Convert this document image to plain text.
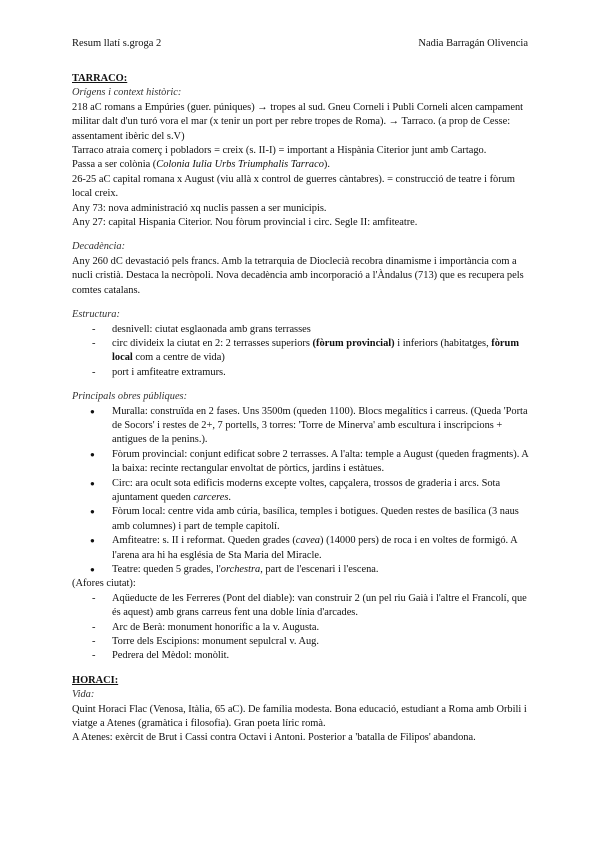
Resum llatí s.groga 2	Nadia Barragán Olivencia

TARRACO:

Orígens i context històric:

218 aC romans a Empúries (guer. púniques) → tropes al sud. Gneu Corneli i Publi Corneli alcen campament militar dalt d'un turó vora el mar (x tenir un port per rebre tropes de Roma). → Tarraco. (a prop de Cesse: assentament ibèric del s.V)

Tarraco atraia comerç i pobladors = creix (s. II-I) = important a Hispània Citerior junt amb Cartago.

Passa a ser colònia (Colonia Iulia Urbs Triumphalis Tarraco).

26-25 aC capital romana x August (viu allà x control de guerres càntabres). = construcció de teatre i fòrum local creix.

Any 73: nova administració xq nuclis passen a ser municipis.

Any 27: capital Hispania Citerior. Nou fòrum provincial i circ. Segle II: amfiteatre.

Decadència:

Any 260 dC devastació pels francs. Amb la tetrarquia de Dioclecià recobra dinamisme i importància com a nucli cristià. Destaca la necròpoli. Nova decadència amb incorporació a l'Àndalus (713) que es recupera pels comtes catalans.

Estructura:

- desnivell: ciutat esglaonada amb grans terrasses
- circ divideix la ciutat en 2: 2 terrasses superiors (fòrum provincial) i inferiors (habitatges, fòrum local com a centre de vida)
- port i amfiteatre extramurs.

Principals obres públiques:

● Muralla: construïda en 2 fases. Uns 3500m (queden 1100). Blocs megalítics i carreus. (Queda 'Porta de Socors' i restes de 2+, 7 portells, 3 torres: 'Torre de Minerva' amb escultura i inscripcions + antigues de la penins.).
● Fòrum provincial: conjunt edificat sobre 2 terrasses. A l'alta: temple a August (queden fragments). A la baixa: recinte rectangular envoltat de pòrtics, jardins i estàtues.
● Circ: ara ocult sota edificis moderns excepte voltes, capçalera, trossos de graderia i arcs. Sota ajuntament queden carceres.
● Fòrum local: centre vida amb cúria, basílica, temples i botigues. Queden restes de basílica (3 naus amb columnes) i part de temple capitolí.
● Amfiteatre: s. II i reformat. Queden grades (cavea) (14000 pers) de roca i en voltes de formigó. A l'arena ara hi ha església de Sta Maria del Miracle.
● Teatre: queden 5 grades, l'orchestra, part de l'escenari i l'escena.

(Afores ciutat):

- Aqüeducte de les Ferreres (Pont del diable): van construir 2 (un pel riu Gaià i l'altre el Francolí, que és aquest) amb grans carreus fent una doble línia d'arcades.
- Arc de Berà: monument honorífic a la v. Augusta.
- Torre dels Escipions: monument sepulcral v. Aug.
- Pedrera del Mèdol: monòlit.

HORACI:

Vida:

Quint Horaci Flac (Venosa, Itàlia, 65 aC). De família modesta. Bona educació, estudiant a Roma amb Orbili i viatge a Atenes (gramàtica i filosofia). Gran poeta líric romà.

A Atenes: exèrcit de Brut i Cassi contra Octavi i Antoni. Posterior a 'batalla de Filipos' abandona.
